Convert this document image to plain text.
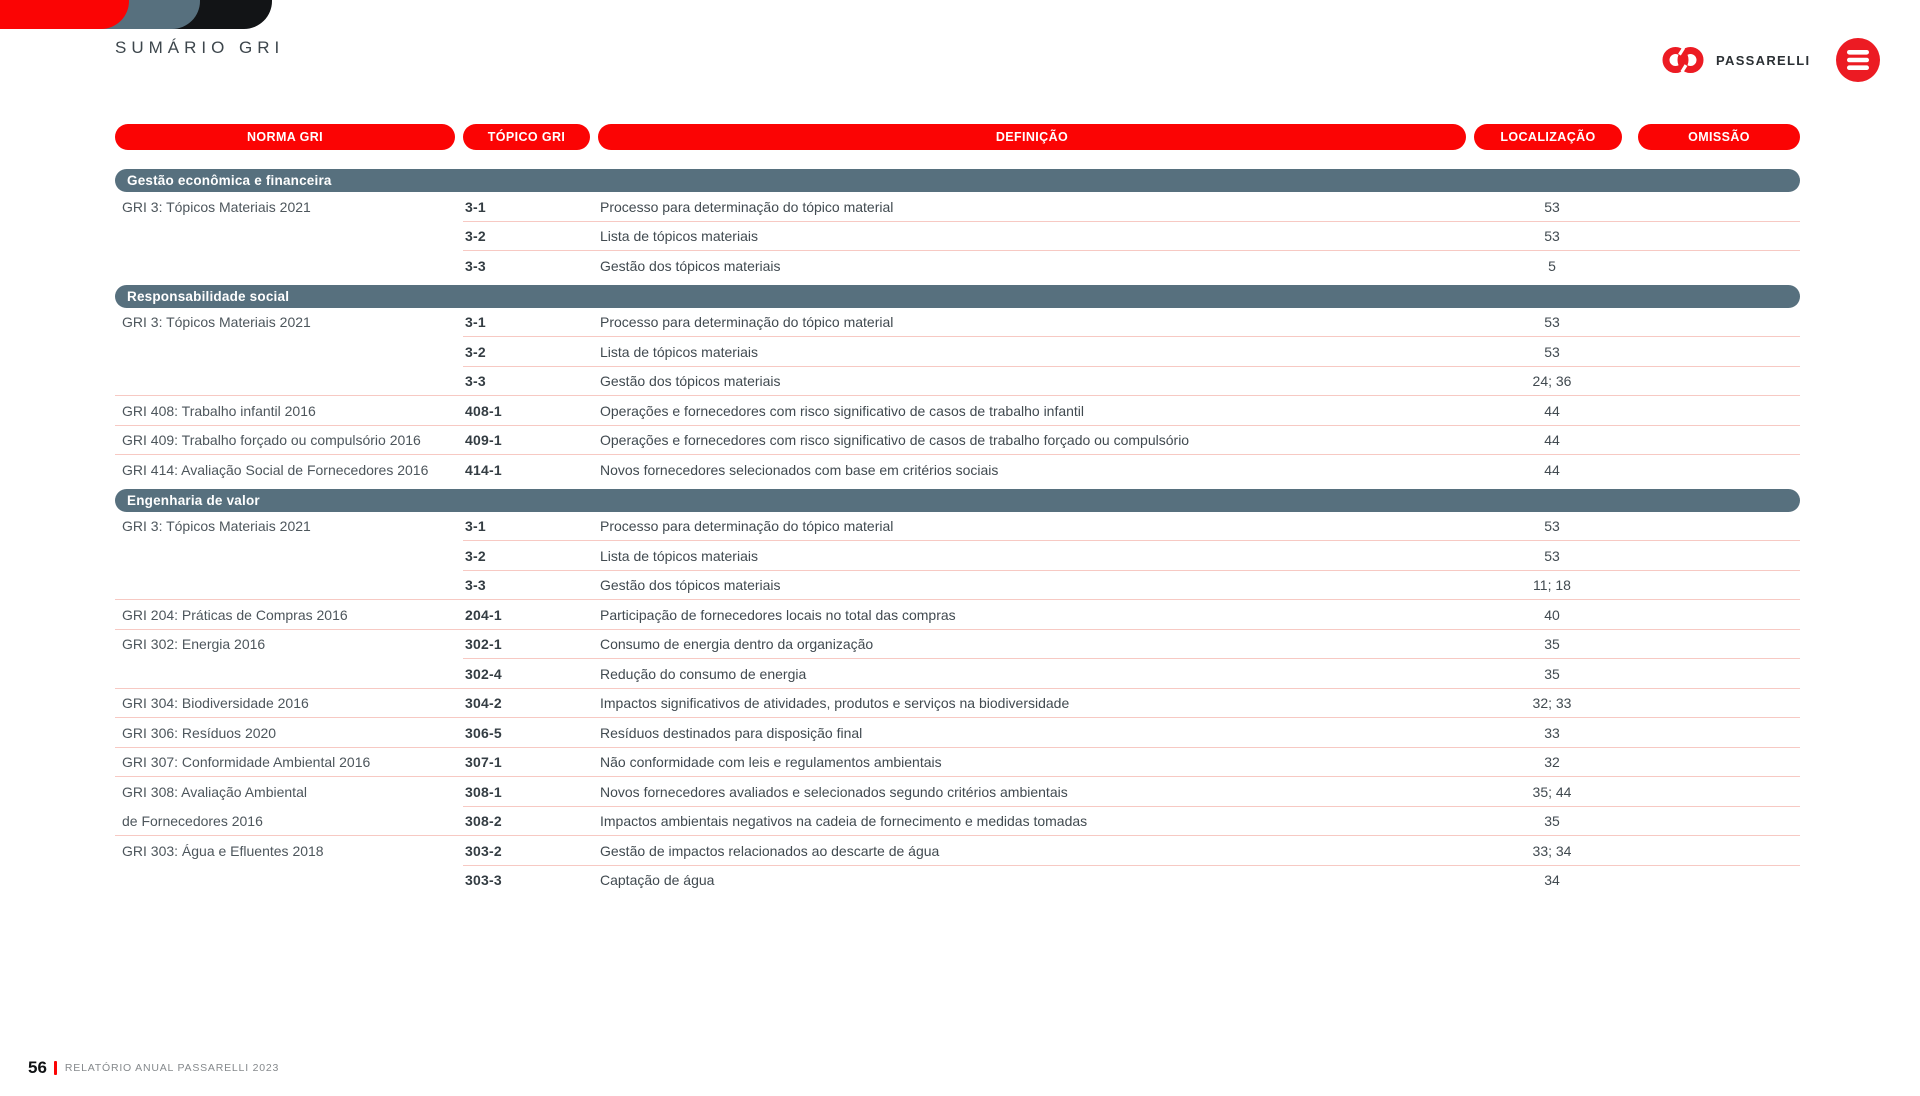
SUMÁRIO GRI
PASSARELLI
NORMA GRI	TÓPICO GRI	DEFINIÇÃO	LOCALIZAÇÃO	OMISSÃO
Gestão econômica e financeira
GRI 3: Tópicos Materiais 2021	3-1	Processo para determinação do tópico material	53
3-2	Lista de tópicos materiais	53
3-3	Gestão dos tópicos materiais	5
Responsabilidade social
GRI 3: Tópicos Materiais 2021	3-1	Processo para determinação do tópico material	53
3-2	Lista de tópicos materiais	53
3-3	Gestão dos tópicos materiais	24; 36
GRI 408: Trabalho infantil 2016	408-1	Operações e fornecedores com risco significativo de casos de trabalho infantil	44
GRI 409: Trabalho forçado ou compulsório 2016	409-1	Operações e fornecedores com risco significativo de casos de trabalho forçado ou compulsório	44
GRI 414: Avaliação Social de Fornecedores 2016	414-1	Novos fornecedores selecionados com base em critérios sociais	44
Engenharia de valor
GRI 3: Tópicos Materiais 2021	3-1	Processo para determinação do tópico material	53
3-2	Lista de tópicos materiais	53
3-3	Gestão dos tópicos materiais	11; 18
GRI 204: Práticas de Compras 2016	204-1	Participação de fornecedores locais no total das compras	40
GRI 302: Energia 2016	302-1	Consumo de energia dentro da organização	35
302-4	Redução do consumo de energia	35
GRI 304: Biodiversidade 2016	304-2	Impactos significativos de atividades, produtos e serviços na biodiversidade	32; 33
GRI 306: Resíduos 2020	306-5	Resíduos destinados para disposição final	33
GRI 307: Conformidade Ambiental 2016	307-1	Não conformidade com leis e regulamentos ambientais	32
GRI 308: Avaliação Ambiental	308-1	Novos fornecedores avaliados e selecionados segundo critérios ambientais	35; 44
de Fornecedores 2016	308-2	Impactos ambientais negativos na cadeia de fornecimento e medidas tomadas	35
GRI 303: Água e Efluentes 2018	303-2	Gestão de impactos relacionados ao descarte de água	33; 34
303-3	Captação de água	34
56 RELATÓRIO ANUAL PASSARELLI 2023
